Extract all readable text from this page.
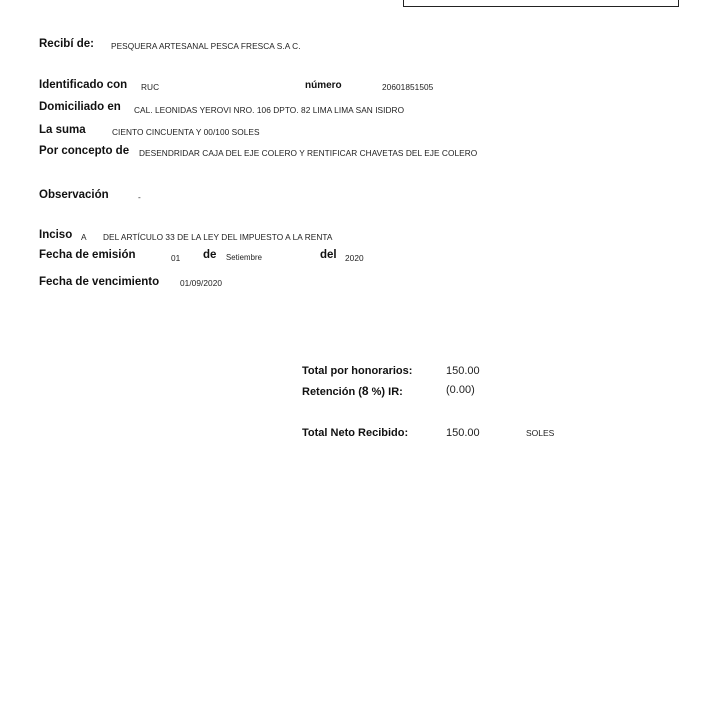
Recibí de: PESQUERA ARTESANAL PESCA FRESCA S.A C.
Identificado con RUC	número	20601851505
Domiciliado en CAL. LEONIDAS YEROVI NRO. 106 DPTO. 82 LIMA LIMA SAN ISIDRO
La suma	CIENTO CINCUENTA Y 00/100 SOLES
Por concepto de DESENDRIDAR CAJA DEL EJE COLERO Y RENTIFICAR CHAVETAS DEL EJE COLERO
Observación	-
Inciso A DEL ARTÍCULO 33 DE LA LEY DEL IMPUESTO A LA RENTA
Fecha de emisión	01 de Setiembre	del 2020
Fecha de vencimiento	01/09/2020
Total por honorarios:	150.00
Retención (8 %) IR:	(0.00)
Total Neto Recibido:	150.00	SOLES
